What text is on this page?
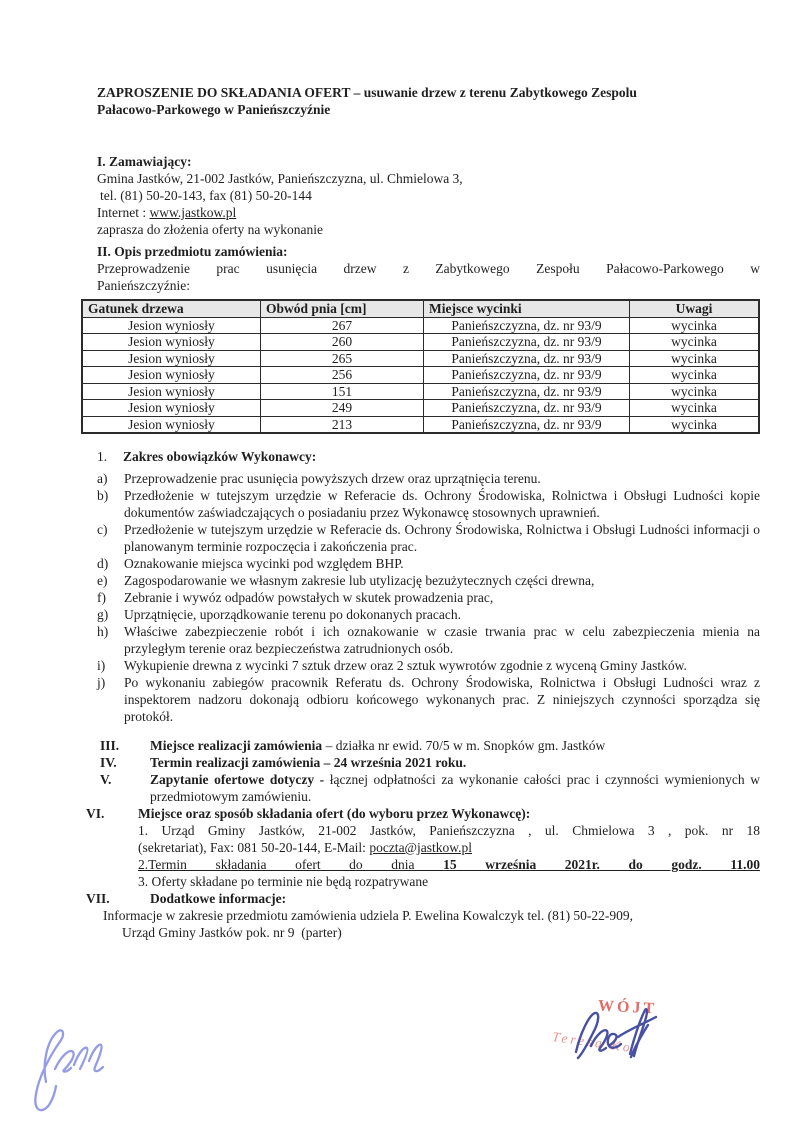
ZAPROSZENIE DO SKŁADANIA OFERT – usuwanie drzew z terenu Zabytkowego Zespolu
Pałacowo-Parkowego w Panieńszczyźnie
I. Zamawiający:
Gmina Jastków, 21-002 Jastków, Panieńszczyzna, ul. Chmielowa 3,
tel. (81) 50-20-143, fax (81) 50-20-144
Internet : www.jastkow.pl
zaprasza do złożenia oferty na wykonanie
II. Opis przedmiotu zamówienia:
Przeprowadzenie prac usunięcia drzew z Zabytkowego Zespołu Pałacowo-Parkowego w
Panieńszczyźnie:
Gatunek drzewa	Obwód pnia [cm]	Miejsce wycinki	Uwagi
Jesion wyniosły	267	Panieńszczyzna, dz. nr 93/9	wycinka
Jesion wyniosły	260	Panieńszczyzna, dz. nr 93/9	wycinka
Jesion wyniosły	265	Panieńszczyzna, dz. nr 93/9	wycinka
Jesion wyniosły	256	Panieńszczyzna, dz. nr 93/9	wycinka
Jesion wyniosły	151	Panieńszczyzna, dz. nr 93/9	wycinka
Jesion wyniosły	249	Panieńszczyzna, dz. nr 93/9	wycinka
Jesion wyniosły	213	Panieńszczyzna, dz. nr 93/9	wycinka
1.	Zakres obowiązków Wykonawcy:
a)	Przeprowadzenie prac usunięcia powyższych drzew oraz uprzątnięcia terenu.
b)	Przedłożenie w tutejszym urzędzie w Referacie ds. Ochrony Środowiska, Rolnictwa i Obsługi Ludności kopie dokumentów zaświadczających o posiadaniu przez Wykonawcę stosownych uprawnień.
c)	Przedłożenie w tutejszym urzędzie w Referacie ds. Ochrony Środowiska, Rolnictwa i Obsługi Ludności informacji o planowanym terminie rozpoczęcia i zakończenia prac.
d)	Oznakowanie miejsca wycinki pod względem BHP.
e)	Zagospodarowanie we własnym zakresie lub utylizację bezużytecznych części drewna,
f)	Zebranie i wywóz odpadów powstałych w skutek prowadzenia prac,
g)	Uprzątnięcie, uporządkowanie terenu po dokonanych pracach.
h)	Właściwe zabezpieczenie robót i ich oznakowanie w czasie trwania prac w celu zabezpieczenia mienia na przyległym terenie oraz bezpieczeństwa zatrudnionych osób.
i)	Wykupienie drewna z wycinki 7 sztuk drzew oraz 2 sztuk wywrotów zgodnie z wyceną Gminy Jastków.
j)	Po wykonaniu zabiegów pracownik Referatu ds. Ochrony Środowiska, Rolnictwa i Obsługi Ludności wraz z inspektorem nadzoru dokonają odbioru końcowego wykonanych prac. Z niniejszych czynności sporządza się protokół.
III.	Miejsce realizacji zamówienia – działka nr ewid. 70/5 w m. Snopków gm. Jastków
IV.	Termin realizacji zamówienia – 24 września 2021 roku.
V.	Zapytanie ofertowe dotyczy - łącznej odpłatności za wykonanie całości prac i czynności wymienionych w przedmiotowym zamówieniu.
VI.	Miejsce oraz sposób składania ofert (do wyboru przez Wykonawcę):
1. Urząd Gminy Jastków, 21-002 Jastków, Panieńszczyzna , ul. Chmielowa 3 , pok. nr 18
(sekretariat), Fax: 081 50-20-144, E-Mail: poczta@jastkow.pl
2.Termin składania ofert do dnia 15 września 2021r. do godz. 11.00
3. Oferty składane po terminie nie będą rozpatrywane
VII.	Dodatkowe informacje:
Informacje w zakresie przedmiotu zamówienia udziela P. Ewelina Kowalczyk tel. (81) 50-22-909,
Urząd Gminy Jastków pok. nr 9  (parter)
WÓJT
Teresa Kot
